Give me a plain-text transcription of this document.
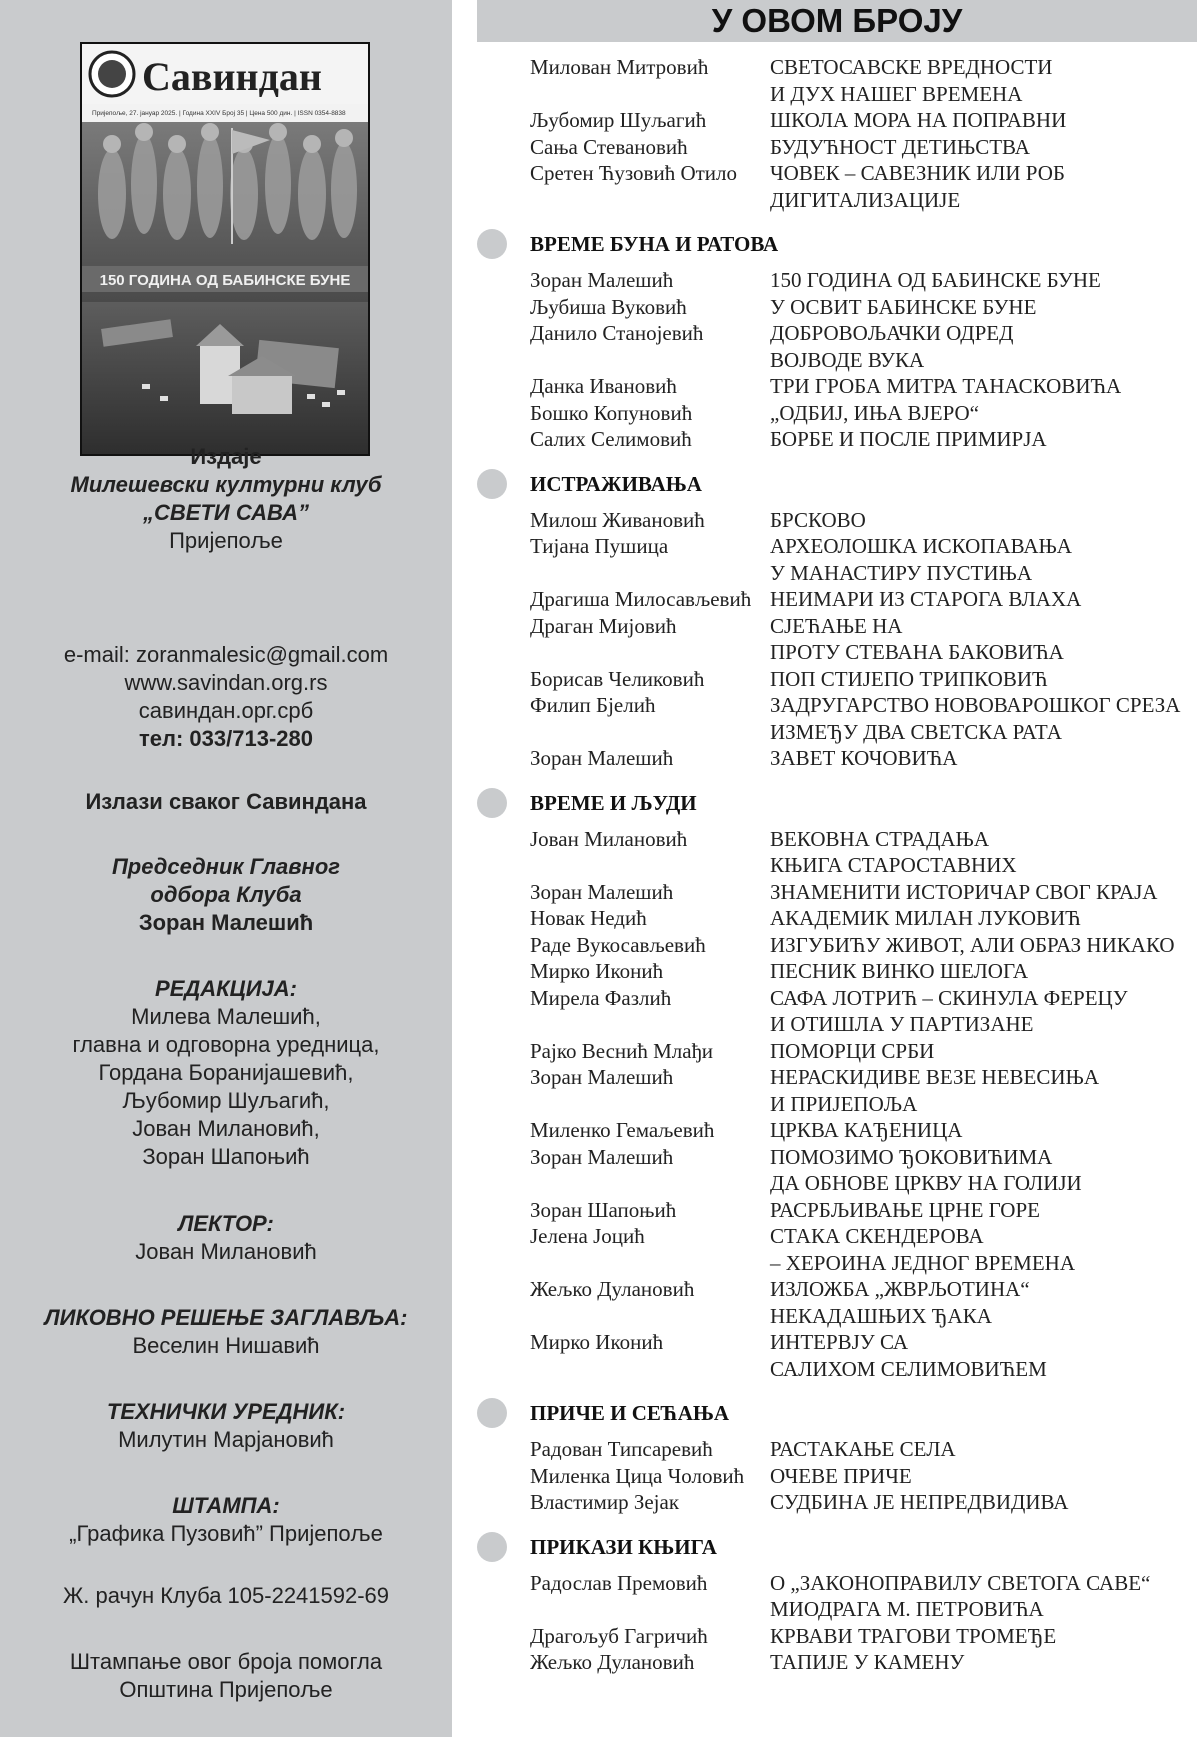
Савиндан
Пријепоље, 27. јануар 2025. | Година XXIV Број 35 | Цена 500 дин. | ISSN 0354-8838
150 ГОДИНА ОД БАБИНСКЕ БУНЕ
Издаје
Милешевски културни клуб
„СВЕТИ САВА”
Пријепоље
e-mail: zoranmalesic@gmail.com
www.savindan.org.rs
савиндан.орг.срб
тел: 033/713-280
Излази сваког Савиндана
Председник Главног
одбора Клуба
Зоран Малешић
РЕДАКЦИЈА:
Милева Малешић,
главна и одговорна уредница,
Гордана Боранијашевић,
Љубомир Шуљагић,
Јован Милановић,
Зоран Шапоњић
ЛЕКТОР:
Јован Милановић
ЛИКОВНО РЕШЕЊЕ ЗАГЛАВЉА:
Веселин Нишавић
ТЕХНИЧКИ УРЕДНИК:
Милутин Марјановић
ШТАМПА:
„Графика Пузовић” Пријепоље
Ж. рачун Клуба 105-2241592-69
Штампање овог броја помогла
Општина Пријепоље
У ОВОМ БРОЈУ
Милован Митровић	СВЕТОСАВСКЕ ВРЕДНОСТИ
И ДУХ НАШЕГ ВРЕМЕНА
Љубомир Шуљагић	ШКОЛА МОРА НА ПОПРАВНИ
Сања Стевановић	БУДУЋНОСТ ДЕТИЊСТВА
Сретен Ћузовић Отило ЧОВЕК – САВЕЗНИК ИЛИ РОБ
ДИГИТАЛИЗАЦИЈЕ
ВРЕМЕ БУНА И РАТОВА
Зоран Малешић	150 ГОДИНА ОД БАБИНСКЕ БУНЕ
Љубиша Вуковић	У ОСВИТ БАБИНСКЕ БУНЕ
Данило Станојевић	ДОБРОВОЉАЧКИ ОДРЕД
ВОЈВОДЕ ВУКА
Данка Ивановић	ТРИ ГРОБА МИТРА ТАНАСКОВИЋА
Бошко Копуновић	„ОДБИЈ, ИЊА ВЈЕРО“
Салих Селимовић	БОРБЕ И ПОСЛЕ ПРИМИРЈА
ИСТРАЖИВАЊА
Милош Живановић	БРСКОВО
Тијана Пушица	АРХЕОЛОШКА ИСКОПАВАЊА
У МАНАСТИРУ ПУСТИЊА
Драгиша Милосављевић НЕИМАРИ ИЗ СТАРОГА ВЛАХА
Драган Мијовић	СЈЕЋАЊЕ НА
ПРОТУ СТЕВАНА БАКОВИЋА
Борисав Челиковић	ПОП СТИЈЕПО ТРИПКОВИЋ
Филип Бјелић	ЗАДРУГАРСТВО НОВОВАРОШКОГ СРЕЗА
ИЗМЕЂУ ДВА СВЕТСКА РАТА
Зоран Малешић	ЗАВЕТ КОЧОВИЋА
ВРЕМЕ И ЉУДИ
Јован Милановић	ВЕКОВНА СТРАДАЊА
КЊИГА СТАРОСТАВНИХ
Зоран Малешић	ЗНАМЕНИТИ ИСТОРИЧАР СВОГ КРАЈА
Новак Недић	АКАДЕМИК МИЛАН ЛУКОВИЋ
Раде Вукосављевић	ИЗГУБИЋУ ЖИВОТ, АЛИ ОБРАЗ НИКАКО
Мирко Иконић	ПЕСНИК ВИНКО ШЕЛОГА
Мирела Фазлић	САФА ЛОТРИЋ – СКИНУЛА ФЕРЕЦУ
И ОТИШЛА У ПАРТИЗАНЕ
Рајко Веснић Млађи	ПОМОРЦИ СРБИ
Зоран Малешић	НЕРАСКИДИВЕ ВЕЗЕ НЕВЕСИЊА
И ПРИЈЕПОЉА
Миленко Гемаљевић	ЦРКВА КАЂЕНИЦА
Зоран Малешић	ПОМОЗИМО ЂОКОВИЋИМА
ДА ОБНОВЕ ЦРКВУ НА ГОЛИЈИ
Зоран Шапоњић	РАСРБЉИВАЊЕ ЦРНЕ ГОРЕ
Јелена Јоцић	СТАКА СКЕНДЕРОВА
– ХЕРОИНА ЈЕДНОГ ВРЕМЕНА
Жељко Дулановић	ИЗЛОЖБА „ЖВРЉОТИНА“
НЕКАДАШЊИХ ЂАКА
Мирко Иконић	ИНТЕРВЈУ СА
САЛИХОМ СЕЛИМОВИЋЕМ
ПРИЧЕ И СЕЋАЊА
Радован Типсаревић	РАСТАКАЊЕ СЕЛА
Миленка Цица Чоловић ОЧЕВЕ ПРИЧЕ
Властимир Зејак	СУДБИНА ЈЕ НЕПРЕДВИДИВА
ПРИКАЗИ КЊИГА
Радослав Премовић	О „ЗАКОНОПРАВИЛУ СВЕТОГА САВЕ“
МИОДРАГА М. ПЕТРОВИЋА
Драгољуб Гагричић	КРВАВИ ТРАГОВИ ТРОМЕЂЕ
Жељко Дулановић	ТАПИЈЕ У КАМЕНУ
